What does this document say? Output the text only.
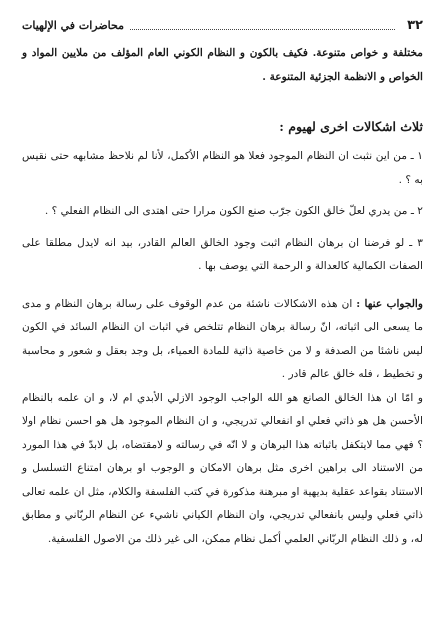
٣٢
محاضرات في الإلهيات

مختلفة و خواص متنوعة. فكيف بالكون و النظام الكوني العام المؤلف من ملايين المواد و الخواص و الانظمة الجزئية المتنوعة .

ثلاث اشكالات اخرى لهيوم :

١ ـ من اين نثبت ان النظام الموجود فعلا هو النظام الأكمل، لأنا لم نلاحظ مشابهه حتى نقيس به ؟ .

٢ ـ من يدري لعلّ خالق الكون جرّب صنع الكون مرارا حتى اهتدى الى النظام الفعلي ؟ .

٣ ـ لو فرضنا ان برهان النظام اثبت وجود الخالق العالم القادر، بيد انه لايدل مطلقا على الصفات الكمالية كالعدالة و الرحمة التي يوصف بها .

والجواب عنها : ان هذه الاشكالات ناشئة من عدم الوقوف على رسالة برهان النظام و مدى ما يسعى الى اثباته، انّ رسالة برهان النظام تتلخص في اثبات ان النظام السائد في الكون ليس ناشئا من الصدفة و لا من خاصية ذاتية للمادة العمياء، بل وجد بعقل و شعور و محاسبة و تخطيط ، فله خالق عالم قادر .

و امّا ان هذا الخالق الصانع هو الله الواجب الوجود الازلي الأبدي ام لا، و ان علمه بالنظام الأحسن هل هو ذاتي فعلي او انفعالي تدريجي، و ان النظام الموجود هل هو احسن نظام اولا ؟ فهي مما لايتكفل باثباته هذا البرهان و لا انّه في رسالته و لامقتضاه، بل لابدّ في هذا المورد من الاستناد الى براهين اخرى مثل برهان الامكان و الوجوب او برهان امتناع التسلسل و الاستناد بقواعد عقلية بديهية او مبرهنة مذكورة في كتب الفلسفة والكلام، مثل ان علمه تعالى ذاتي فعلي وليس بانفعالي تدريجي، وان النظام الكياني ناشيء عن النظام الربّاني و مطابق له، و ذلك النظام الربّاني العلمي أكمل نظام ممكن، الى غير ذلك من الاصول الفلسفية.
